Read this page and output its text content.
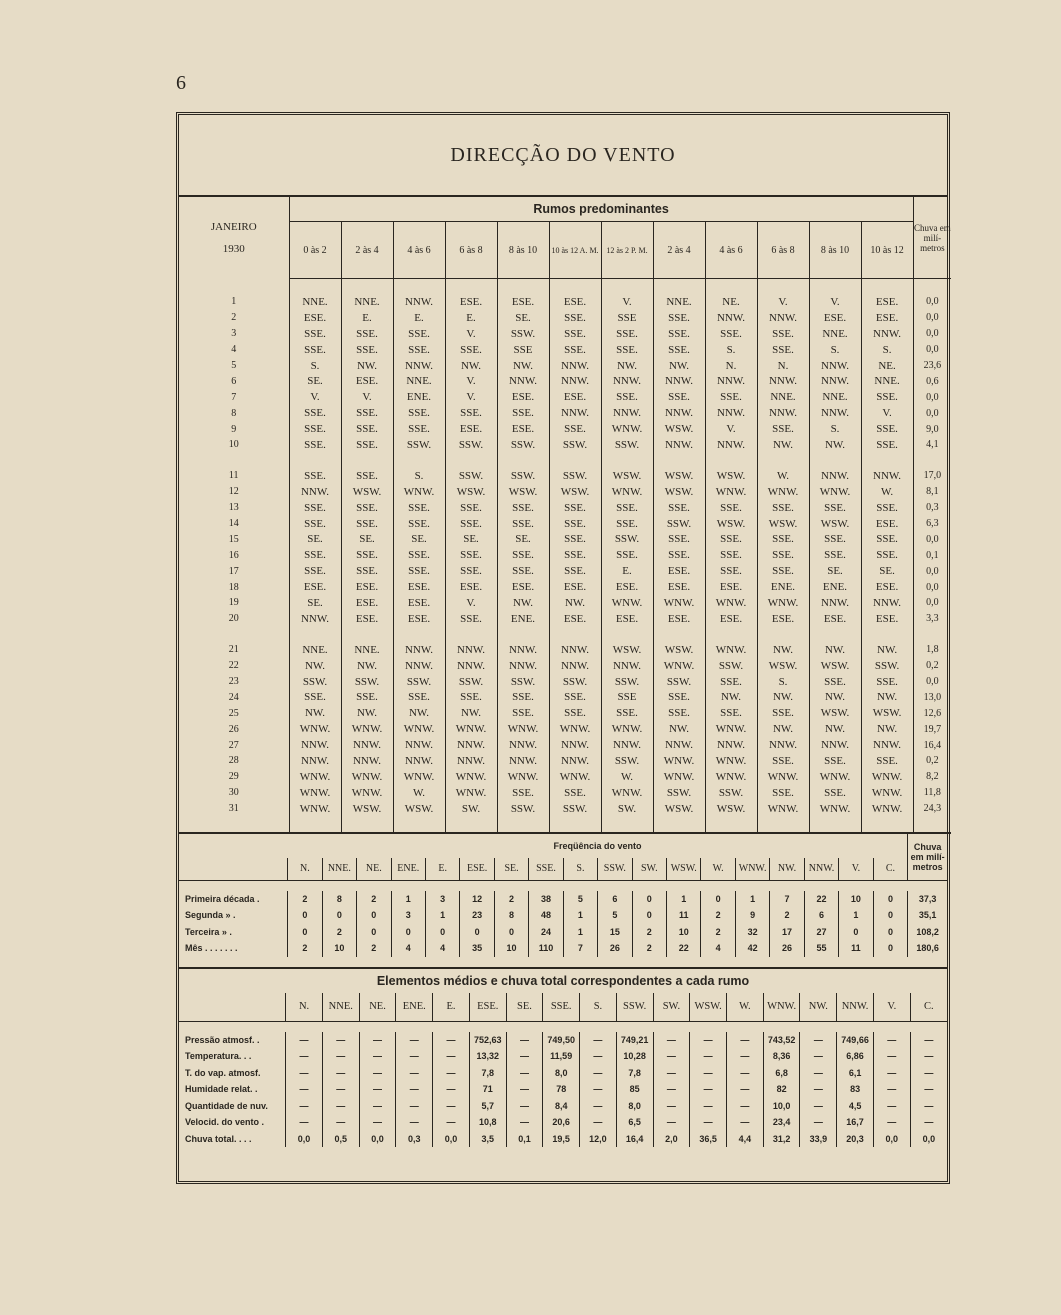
6
DIRECÇÃO DO VENTO
JANEIRO
1930	Rumos predominantes												Chuva em milí- metros
	0 às 2	2 às 4	4 às 6	6 às 8	8 às 10	10 às 12 A. M.	12 às 2 P. M.	2 às 4	4 às 6	6 às 8	8 às 10	10 às 12	

1	NNE.	NNE.	NNW.	ESE.	ESE.	ESE.	V.	NNE.	NE.	V.	V.	ESE.	0,0
2	ESE.	E.	E.	E.	SE.	SSE.	SSE	SSE.	NNW.	NNW.	ESE.	ESE.	0,0
3	SSE.	SSE.	SSE.	V.	SSW.	SSE.	SSE.	SSE.	SSE.	SSE.	NNE.	NNW.	0,0
4	SSE.	SSE.	SSE.	SSE.	SSE	SSE.	SSE.	SSE.	S.	SSE.	S.	S.	0,0
5	S.	NW.	NNW.	NW.	NW.	NNW.	NW.	NW.	N.	N.	NNW.	NE.	23,6
6	SE.	ESE.	NNE.	V.	NNW.	NNW.	NNW.	NNW.	NNW.	NNW.	NNW.	NNE.	0,6
7	V.	V.	ENE.	V.	ESE.	ESE.	SSE.	SSE.	SSE.	NNE.	NNE.	SSE.	0,0
8	SSE.	SSE.	SSE.	SSE.	SSE.	NNW.	NNW.	NNW.	NNW.	NNW.	NNW.	V.	0,0
9	SSE.	SSE.	SSE.	ESE.	ESE.	SSE.	WNW.	WSW.	V.	SSE.	S.	SSE.	9,0
10	SSE.	SSE.	SSW.	SSW.	SSW.	SSW.	SSW.	NNW.	NNW.	NW.	NW.	SSE.	4,1

11	SSE.	SSE.	S.	SSW.	SSW.	SSW.	WSW.	WSW.	WSW.	W.	NNW.	NNW.	17,0
12	NNW.	WSW.	WNW.	WSW.	WSW.	WSW.	WNW.	WSW.	WNW.	WNW.	WNW.	W.	8,1
13	SSE.	SSE.	SSE.	SSE.	SSE.	SSE.	SSE.	SSE.	SSE.	SSE.	SSE.	SSE.	0,3
14	SSE.	SSE.	SSE.	SSE.	SSE.	SSE.	SSE.	SSW.	WSW.	WSW.	WSW.	ESE.	6,3
15	SE.	SE.	SE.	SE.	SE.	SSE.	SSW.	SSE.	SSE.	SSE.	SSE.	SSE.	0,0
16	SSE.	SSE.	SSE.	SSE.	SSE.	SSE.	SSE.	SSE.	SSE.	SSE.	SSE.	SSE.	0,1
17	SSE.	SSE.	SSE.	SSE.	SSE.	SSE.	E.	ESE.	SSE.	SSE.	SE.	SE.	0,0
18	ESE.	ESE.	ESE.	ESE.	ESE.	ESE.	ESE.	ESE.	ESE.	ENE.	ENE.	ESE.	0,0
19	SE.	ESE.	ESE.	V.	NW.	NW.	WNW.	WNW.	WNW.	WNW.	NNW.	NNW.	0,0
20	NNW.	ESE.	ESE.	SSE.	ENE.	ESE.	ESE.	ESE.	ESE.	ESE.	ESE.	ESE.	3,3

21	NNE.	NNE.	NNW.	NNW.	NNW.	NNW.	WSW.	WSW.	WNW.	NW.	NW.	NW.	1,8
22	NW.	NW.	NNW.	NNW.	NNW.	NNW.	NNW.	WNW.	SSW.	WSW.	WSW.	SSW.	0,2
23	SSW.	SSW.	SSW.	SSW.	SSW.	SSW.	SSW.	SSW.	SSE.	S.	SSE.	SSE.	0,0
24	SSE.	SSE.	SSE.	SSE.	SSE.	SSE.	SSE	SSE.	NW.	NW.	NW.	NW.	13,0
25	NW.	NW.	NW.	NW.	SSE.	SSE.	SSE.	SSE.	SSE.	SSE.	WSW.	WSW.	12,6
26	WNW.	WNW.	WNW.	WNW.	WNW.	WNW.	WNW.	NW.	WNW.	NW.	NW.	NW.	19,7
27	NNW.	NNW.	NNW.	NNW.	NNW.	NNW.	NNW.	NNW.	NNW.	NNW.	NNW.	NNW.	16,4
28	NNW.	NNW.	NNW.	NNW.	NNW.	NNW.	SSW.	WNW.	WNW.	SSE.	SSE.	SSE.	0,2
29	WNW.	WNW.	WNW.	WNW.	WNW.	WNW.	W.	WNW.	WNW.	WNW.	WNW.	WNW.	8,2
30	WNW.	WNW.	W.	WNW.	SSE.	SSE.	WNW.	SSW.	SSW.	SSE.	SSE.	WNW.	11,8
31	WNW.	WSW.	WSW.	SW.	SSW.	SSW.	SW.	WSW.	WSW.	WNW.	WNW.	WNW.	24,3

	Freqüência do vento																		Chuva em milí- metros
	N.	NNE.	NE.	ENE.	E.	ESE.	SE.	SSE.	S.	SSW.	SW.	WSW.	W.	WNW.	NW.	NNW.	V.	C.	

Primeira década .	2	8	2	1	3	12	2	38	5	6	0	1	0	1	7	22	10	0	37,3
Segunda » .	0	0	0	3	1	23	8	48	1	5	0	11	2	9	2	6	1	0	35,1
Terceira » .	0	2	0	0	0	0	0	24	1	15	2	10	2	32	17	27	0	0	108,2
Mês . . . . . . .	2	10	2	4	4	35	10	110	7	26	2	22	4	42	26	55	11	0	180,6

Elementos médios e chuva total correspondentes a cada rumo
	N.	NNE.	NE.	ENE.	E.	ESE.	SE.	SSE.	S.	SSW.	SW.	WSW.	W.	WNW.	NW.	NNW.	V.	C.

Pressão atmosf. .	—	—	—	—	—	752,63	—	749,50	—	749,21	—	—	—	743,52	—	749,66	—	—
Temperatura. . .	—	—	—	—	—	13,32	—	11,59	—	10,28	—	—	—	8,36	—	6,86	—	—
T. do vap. atmosf.	—	—	—	—	—	7,8	—	8,0	—	7,8	—	—	—	6,8	—	6,1	—	—
Humidade relat. .	—	—	—	—	—	71	—	78	—	85	—	—	—	82	—	83	—	—
Quantidade de nuv.	—	—	—	—	—	5,7	—	8,4	—	8,0	—	—	—	10,0	—	4,5	—	—
Velocid. do vento .	—	—	—	—	—	10,8	—	20,6	—	6,5	—	—	—	23,4	—	16,7	—	—
Chuva total. . . .	0,0	0,5	0,0	0,3	0,0	3,5	0,1	19,5	12,0	16,4	2,0	36,5	4,4	31,2	33,9	20,3	0,0	0,0
